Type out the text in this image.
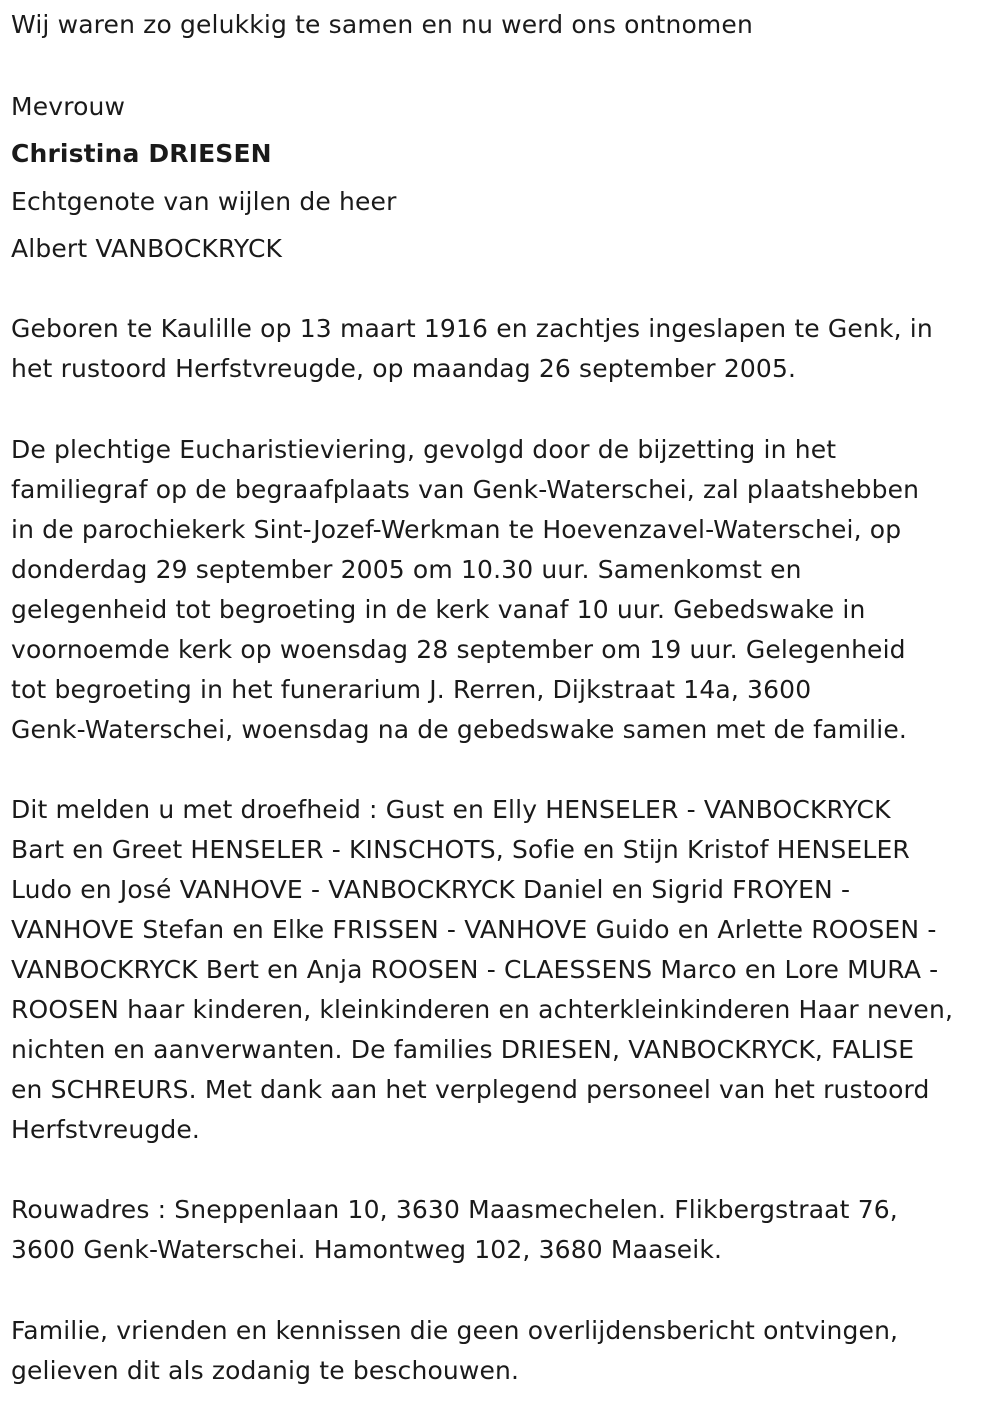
Wij waren zo gelukkig te samen en nu werd ons ontnomen
Mevrouw
Christina DRIESEN
Echtgenote van wijlen de heer
Albert VANBOCKRYCK
Geboren te Kaulille op 13 maart 1916 en zachtjes ingeslapen te Genk, in
het rustoord Herfstvreugde, op maandag 26 september 2005.
De plechtige Eucharistieviering, gevolgd door de bijzetting in het
familiegraf op de begraafplaats van Genk-Waterschei, zal plaatshebben
in de parochiekerk Sint-Jozef-Werkman te Hoevenzavel-Waterschei, op
donderdag 29 september 2005 om 10.30 uur. Samenkomst en
gelegenheid tot begroeting in de kerk vanaf 10 uur. Gebedswake in
voornoemde kerk op woensdag 28 september om 19 uur. Gelegenheid
tot begroeting in het funerarium J. Rerren, Dijkstraat 14a, 3600
Genk-Waterschei, woensdag na de gebedswake samen met de familie.
Dit melden u met droefheid : Gust en Elly HENSELER - VANBOCKRYCK
Bart en Greet HENSELER - KINSCHOTS, Sofie en Stijn Kristof HENSELER
Ludo en José VANHOVE - VANBOCKRYCK Daniel en Sigrid FROYEN -
VANHOVE Stefan en Elke FRISSEN - VANHOVE Guido en Arlette ROOSEN -
VANBOCKRYCK Bert en Anja ROOSEN - CLAESSENS Marco en Lore MURA -
ROOSEN haar kinderen, kleinkinderen en achterkleinkinderen Haar neven,
nichten en aanverwanten. De families DRIESEN, VANBOCKRYCK, FALISE
en SCHREURS. Met dank aan het verplegend personeel van het rustoord
Herfstvreugde.
Rouwadres : Sneppenlaan 10, 3630 Maasmechelen. Flikbergstraat 76,
3600 Genk-Waterschei. Hamontweg 102, 3680 Maaseik.
Familie, vrienden en kennissen die geen overlijdensbericht ontvingen,
gelieven dit als zodanig te beschouwen.
